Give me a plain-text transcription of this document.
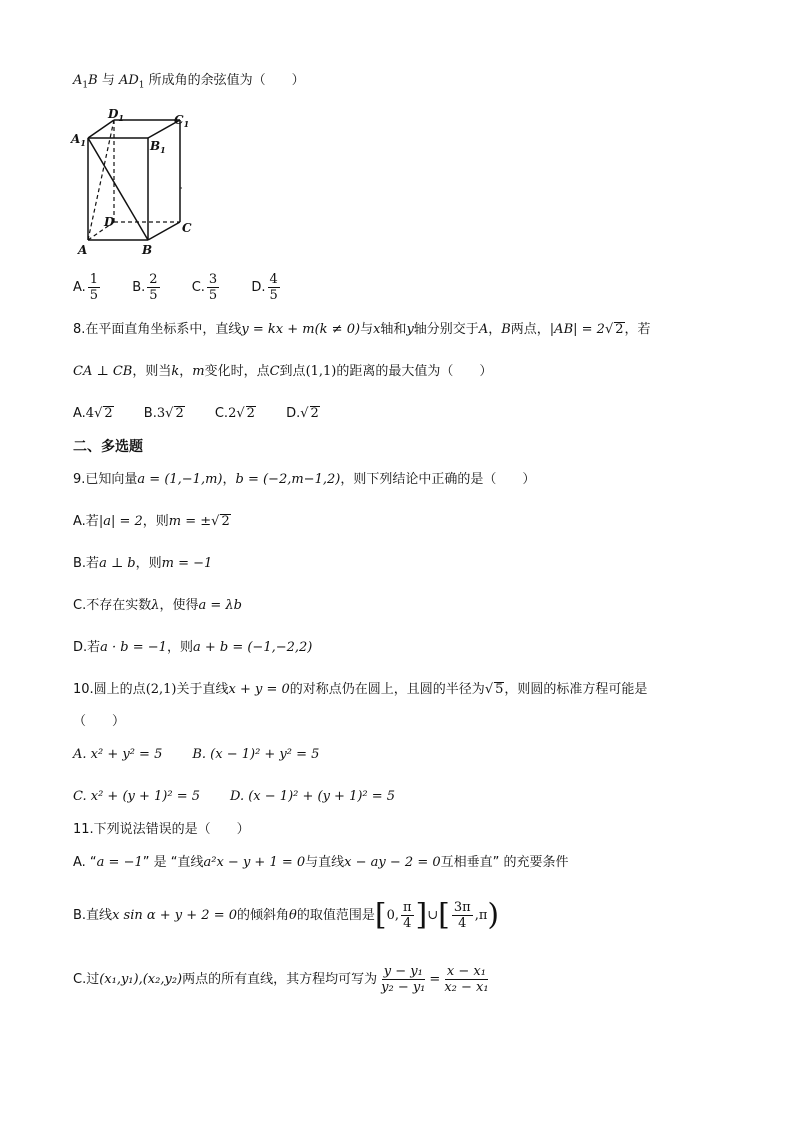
$A_1B$ 与 $AD_1$ 所成角的余弦值为（　　）
$A_1$
$D_1$	$C_1$
$B_1$
A	B
C
D
A. $\frac{1}{5} B$. $\frac{2}{5} C$. $\frac{3}{5} D$. $\frac{4}{5}$
8.在平面直角坐标系中，直线y = kx + m(k ≠ 0)与x轴和y轴分别交于A，B两点，|AB| = 2√ 2，若
CA ⊥ CB，则当k，m变化时，点C到点(1,1)的距离的最大值为（　　）
A.4√ 2 B.3√ 2 C.2√ 2 D.√ 2
二、多选题
9.已知向量a = (1,−1,m)，b = (−2,m−1,2)，则下列结论中正确的是（　　）
A.若|a| = 2，则m = ±√ 2
B.若a ⊥ b，则m = −1
C.不存在实数λ，使得a = λb
D.若a · b = −1，则a + b = (−1,−2,2)
10.圆上的点(2,1)关于直线x + y = 0的对称点仍在圆上，且圆的半径为√ 5，则圆的标准方程可能是
（　　）
A. x² + y² = 5 B. (x − 1)² + y² = 5
C. x² + (y + 1)² = 5 D. (x − 1)² + (y + 1)² = 5
11.下列说法错误的是（　　）
A. “a = −1” 是 “直线a²x − y + 1 = 0与直线x − ay − 2 = 0互相垂直” 的充要条件
B.直线x sin α + y + 2 = 0的倾斜角θ的取值范围是[0, $\frac{\pi}{4}$ ]∪[ $\frac{3\pi}{4} ,\pi$)
C.过(x₁,y₁),(x₂,y₂)两点的所有直线，其方程均可写为 $\frac{\text{y − y₁}}{\text{y₂ − y₁}} = \frac{\text{x − x₁}}{\text{x₂ − x₁}}$
